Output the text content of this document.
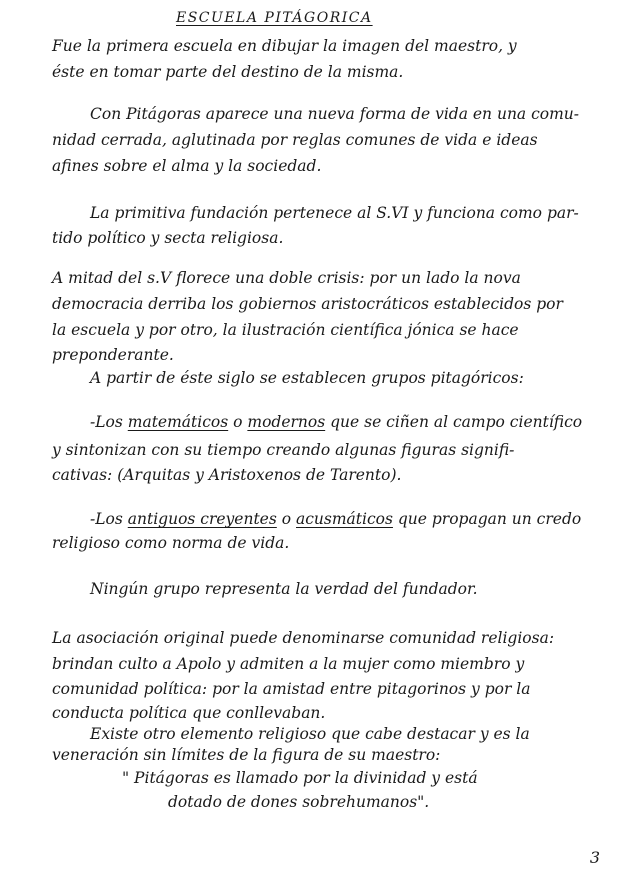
ESCUELA PITÁGORICA
Fue la primera escuela en dibujar la imagen del maestro, y
éste en tomar parte del destino de la misma.
Con Pitágoras aparece una nueva forma de vida en una comu-
nidad cerrada, aglutinada por reglas comunes de vida e ideas
afines sobre el alma y la sociedad.
La primitiva fundación pertenece al S.VI y funciona como par-
tido político y secta religiosa.
A mitad del s.V florece una doble crisis: por un lado la nova
democracia derriba los gobiernos aristocráticos establecidos por
la escuela y por otro, la ilustración científica jónica se hace
preponderante.
A partir de éste siglo se establecen grupos pitagóricos:
-Los matemáticos o modernos que se ciñen al campo científico
y sintonizan con su tiempo creando algunas figuras signifi-
cativas: (Arquitas y Aristoxenos de Tarento).
-Los antiguos creyentes o acusmáticos que propagan un credo
religioso como norma de vida.
Ningún grupo representa la verdad del fundador.
La asociación original puede denominarse comunidad religiosa:
brindan culto a Apolo y admiten a la mujer como miembro y
comunidad política: por la amistad entre pitagorinos y por la
conducta política que conllevaban.
Existe otro elemento religioso que cabe destacar y es la
veneración sin límites de la figura de su maestro:
" Pitágoras es llamado por la divinidad y está
dotado de dones sobrehumanos".
3
